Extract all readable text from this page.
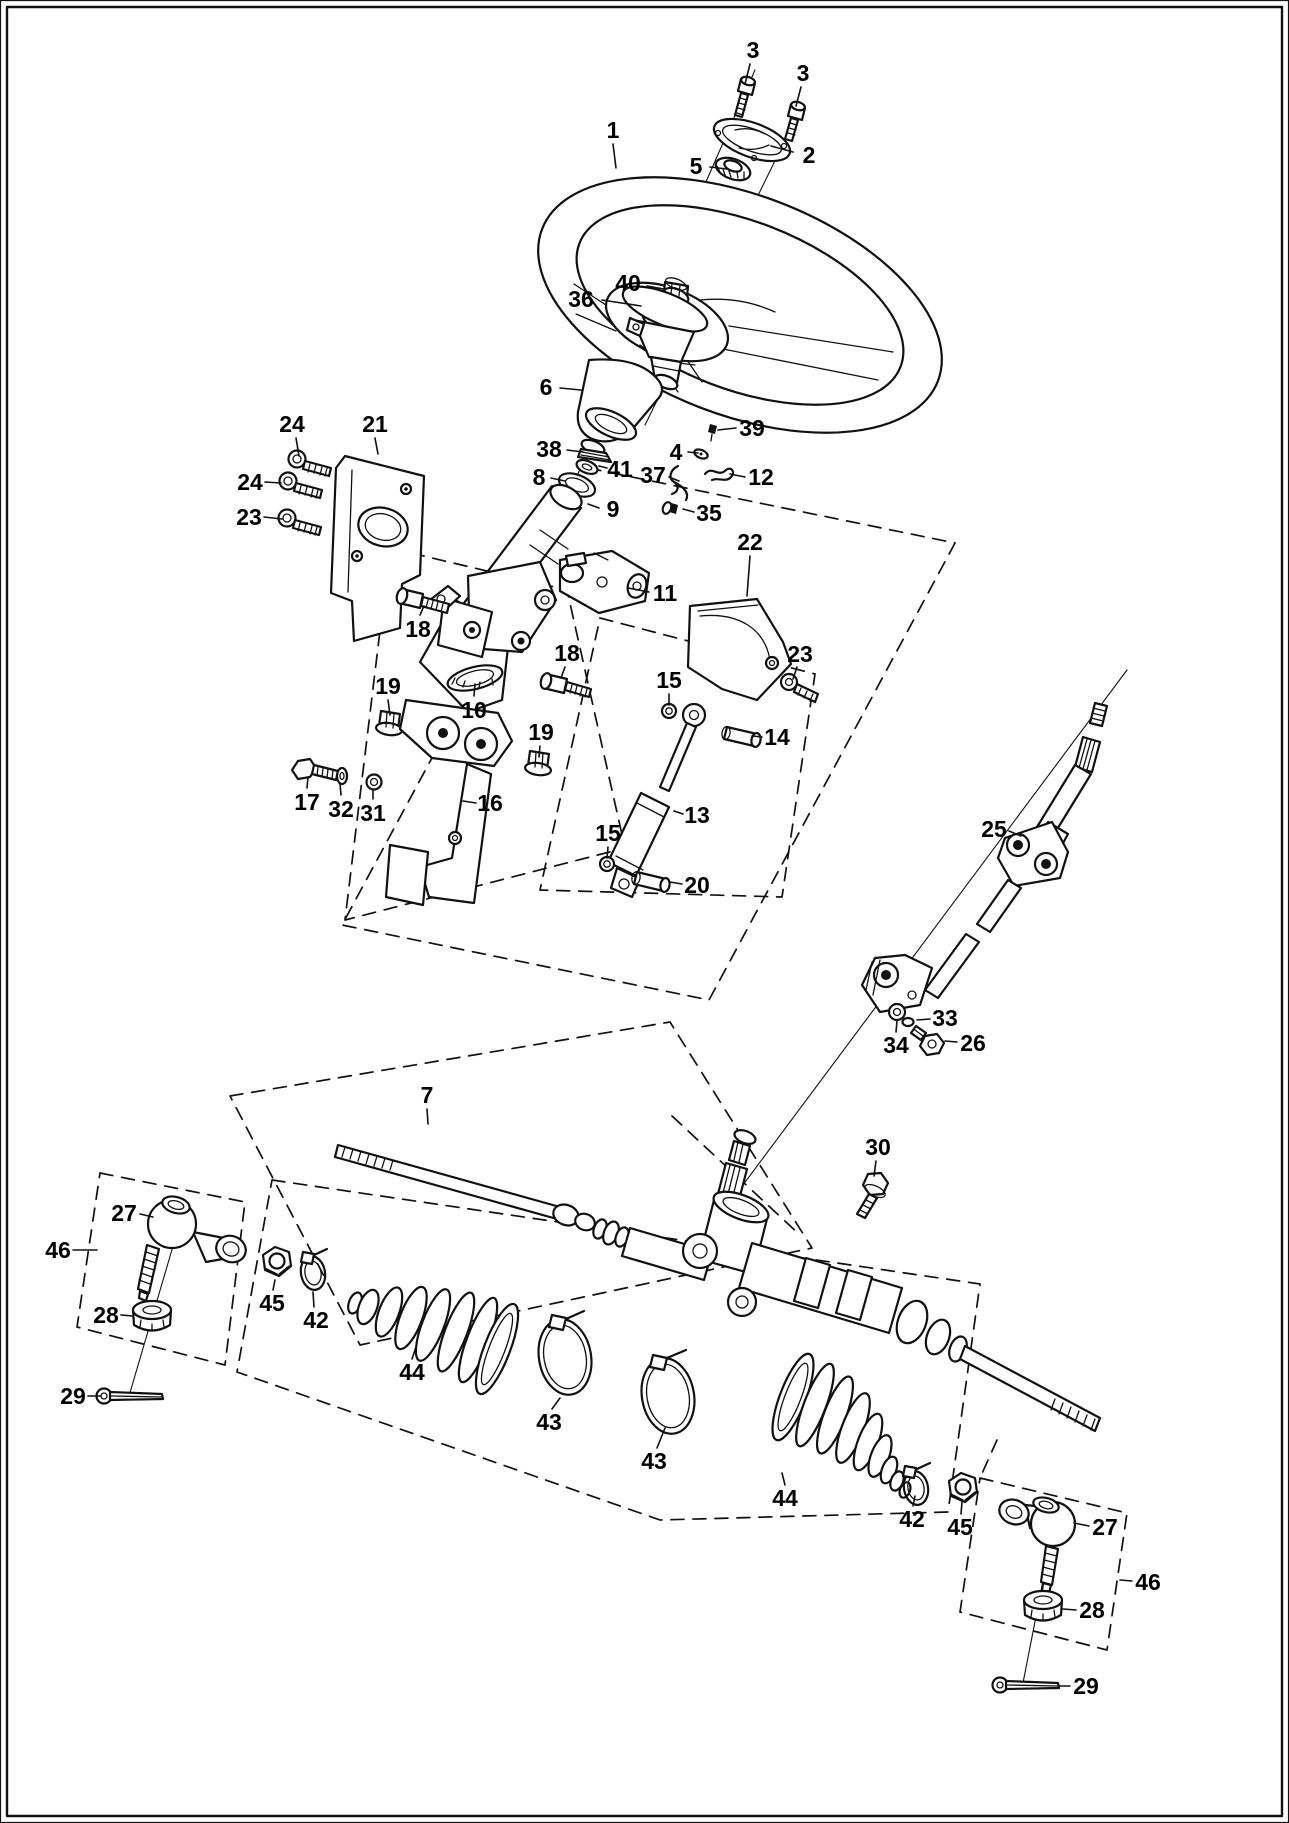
3
3
2
5
1
40
36
6
39
4
37	12
35
38
41
8
9
11
21
24
24
23
18
19
10
19
16
17 32 31
22
23
18
15
14
13
15
20
25
33
34 26
7
30
27
46
28
29
45
42
43
43
44
44
42 45	27
46
28
29
